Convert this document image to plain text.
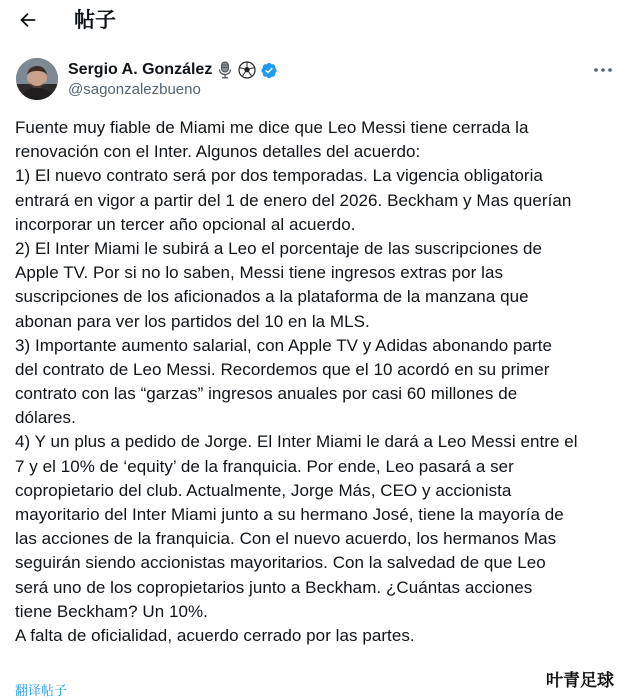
帖子
Sergio A. González
@sagonzalezbueno
Fuente muy fiable de Miami me dice que Leo Messi tiene cerrada la
renovación con el Inter. Algunos detalles del acuerdo:
1) El nuevo contrato será por dos temporadas. La vigencia obligatoria
entrará en vigor a partir del 1 de enero del 2026. Beckham y Mas querían
incorporar un tercer año opcional al acuerdo.
2) El Inter Miami le subirá a Leo el porcentaje de las suscripciones de
Apple TV. Por si no lo saben, Messi tiene ingresos extras por las
suscripciones de los aficionados a la plataforma de la manzana que
abonan para ver los partidos del 10 en la MLS.
3) Importante aumento salarial, con Apple TV y Adidas abonando parte
del contrato de Leo Messi. Recordemos que el 10 acordó en su primer
contrato con las “garzas” ingresos anuales por casi 60 millones de
dólares.
4) Y un plus a pedido de Jorge. El Inter Miami le dará a Leo Messi entre el
7 y el 10% de ‘equity’ de la franquicia. Por ende, Leo pasará a ser
copropietario del club. Actualmente, Jorge Más, CEO y accionista
mayoritario del Inter Miami junto a su hermano José, tiene la mayoría de
las acciones de la franquicia. Con el nuevo acuerdo, los hermanos Mas
seguirán siendo accionistas mayoritarios. Con la salvedad de que Leo
será uno de los copropietarios junto a Beckham. ¿Cuántas acciones
tiene Beckham? Un 10%.
A falta de oficialidad, acuerdo cerrado por las partes.
翻译帖子
叶青足球
